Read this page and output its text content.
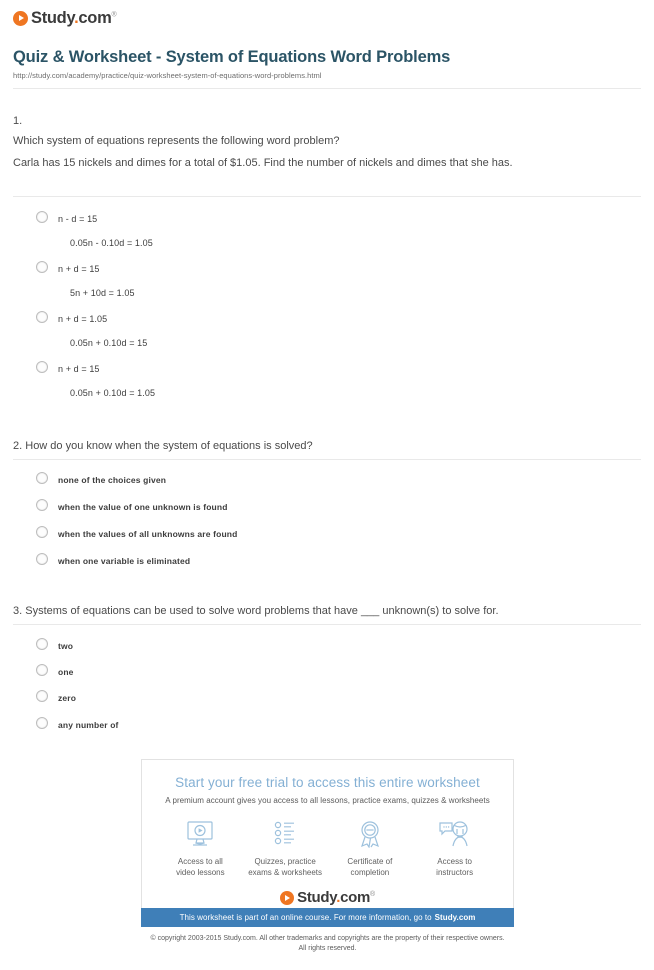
Study.com®
Quiz & Worksheet - System of Equations Word Problems
http://study.com/academy/practice/quiz-worksheet-system-of-equations-word-problems.html
1.
Which system of equations represents the following word problem?
Carla has 15 nickels and dimes for a total of $1.05. Find the number of nickels and dimes that she has.
n - d = 15
0.05n - 0.10d = 1.05
n + d = 15
5n + 10d = 1.05
n + d = 1.05
0.05n + 0.10d = 15
n + d = 15
0.05n + 0.10d = 1.05
2. How do you know when the system of equations is solved?
none of the choices given
when the value of one unknown is found
when the values of all unknowns are found
when one variable is eliminated
3. Systems of equations can be used to solve word problems that have ___ unknown(s) to solve for.
two
one
zero
any number of
Start your free trial to access this entire worksheet
A premium account gives you access to all lessons, practice exams, quizzes & worksheets
Access to all
video lessons
Quizzes, practice
exams & worksheets
Certificate of
completion
Access to
instructors
Study.com®
This worksheet is part of an online course. For more information, go to Study.com
© copyright 2003-2015 Study.com. All other trademarks and copyrights are the property of their respective owners.
All rights reserved.
